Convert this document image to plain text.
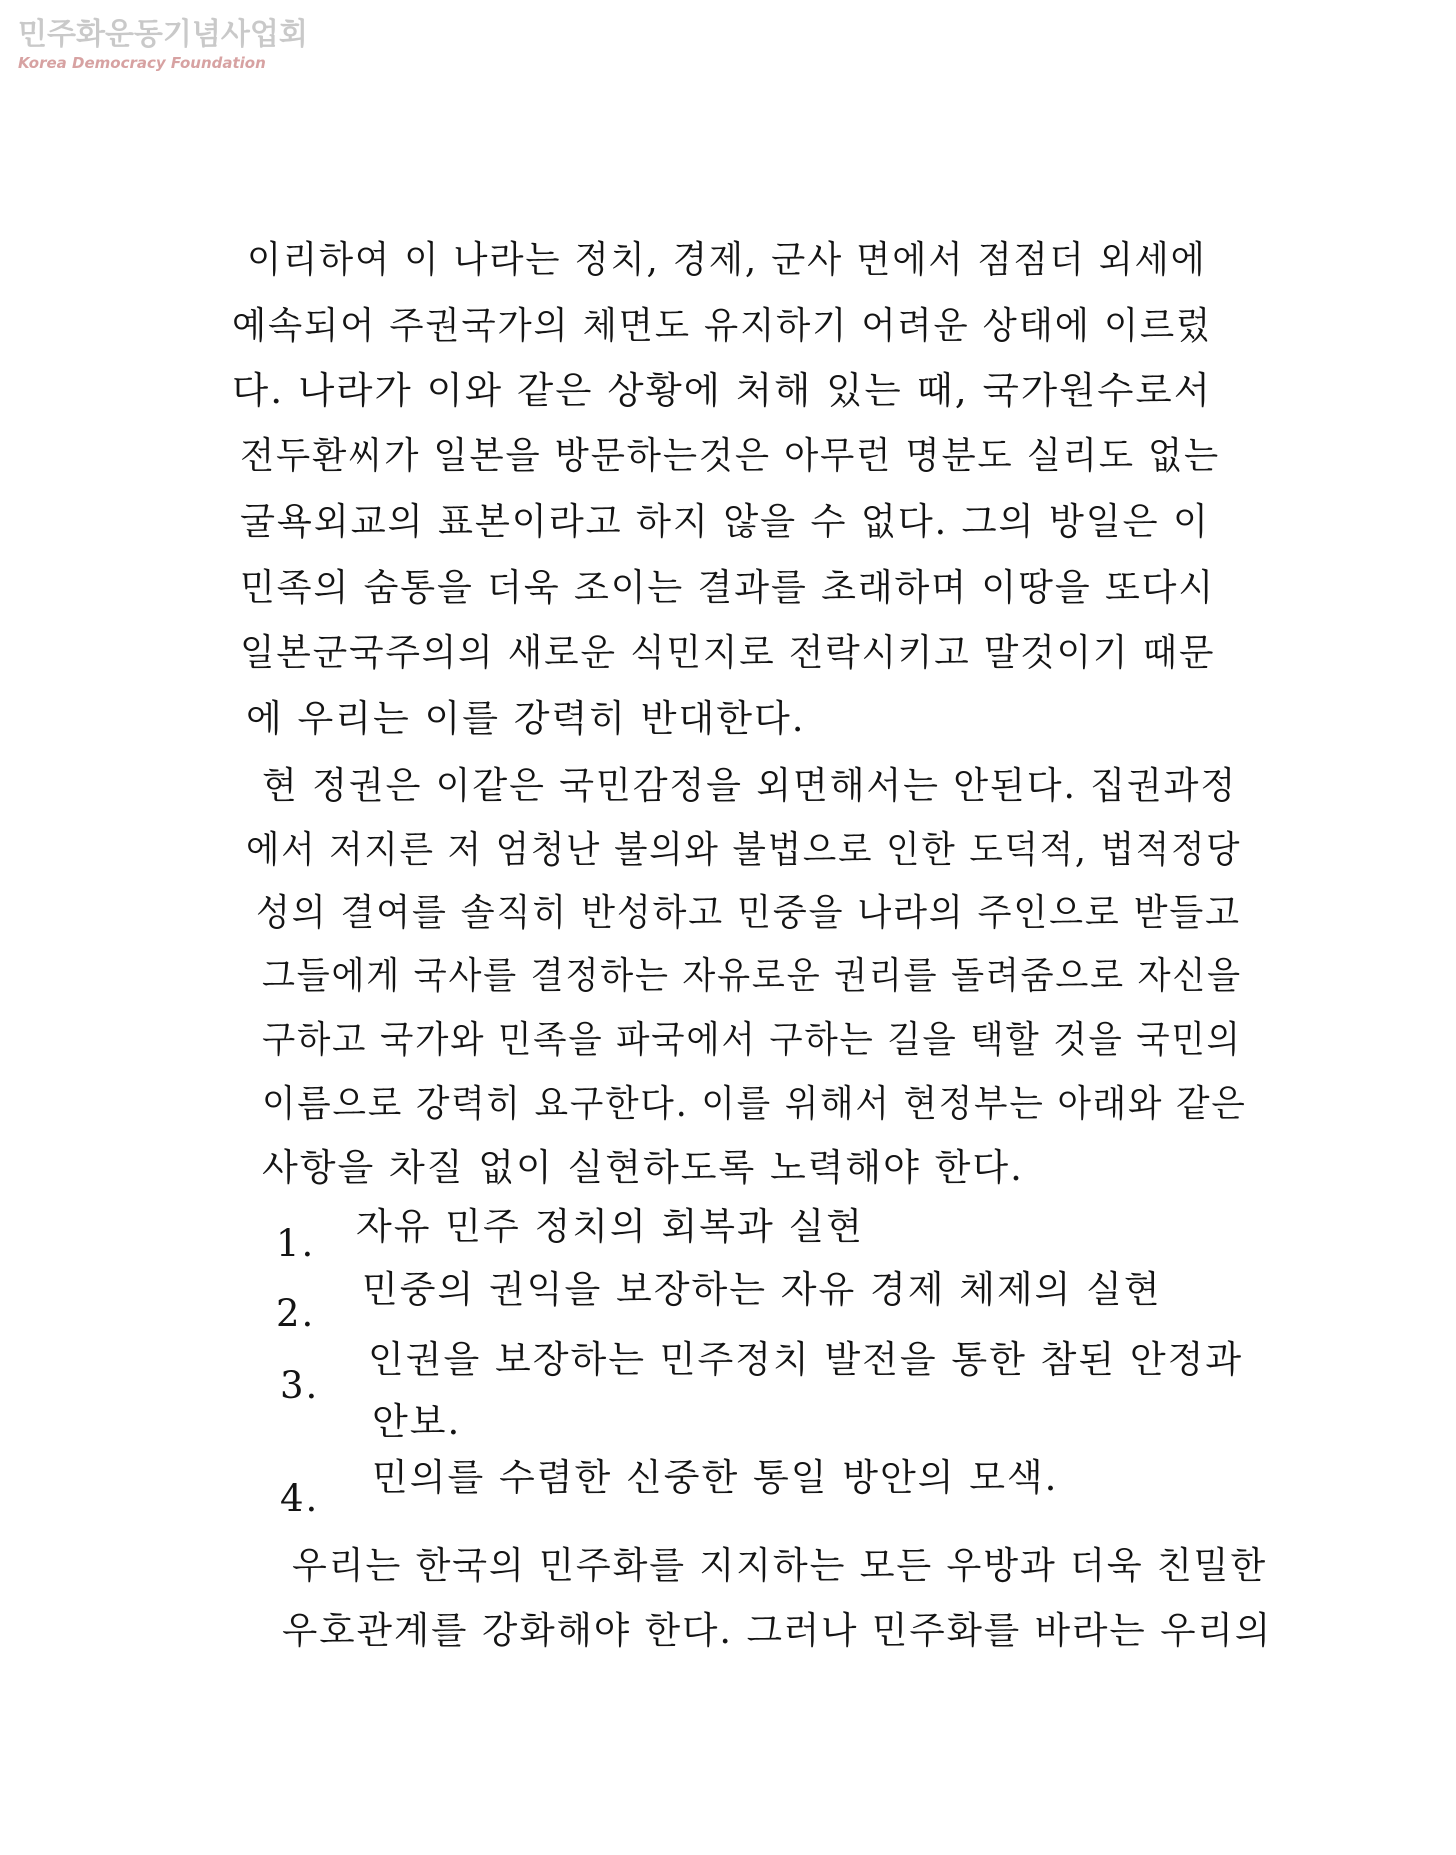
민주화운동기념사업회
Korea Democracy Foundation
이리하여 이 나라는 정치, 경제, 군사 면에서 점점더 외세에
예속되어 주권국가의 체면도 유지하기 어려운 상태에 이르렀
다. 나라가 이와 같은 상황에 처해 있는 때, 국가원수로서
전두환씨가 일본을 방문하는것은 아무런 명분도 실리도 없는
굴욕외교의 표본이라고 하지 않을 수 없다. 그의 방일은 이
민족의 숨통을 더욱 조이는 결과를 초래하며 이땅을 또다시
일본군국주의의 새로운 식민지로 전락시키고 말것이기 때문
에 우리는 이를 강력히 반대한다.
현 정권은 이같은 국민감정을 외면해서는 안된다. 집권과정
에서 저지른 저 엄청난 불의와 불법으로 인한 도덕적, 법적정당
성의 결여를 솔직히 반성하고 민중을 나라의 주인으로 받들고
그들에게 국사를 결정하는 자유로운 권리를 돌려줌으로 자신을
구하고 국가와 민족을 파국에서 구하는 길을 택할 것을 국민의
이름으로 강력히 요구한다. 이를 위해서 현정부는 아래와 같은
사항을 차질 없이 실현하도록 노력해야 한다.
1. 자유 민주 정치의 회복과 실현
2.
민중의 권익을 보장하는 자유 경제 체제의 실현
3.
인권을 보장하는 민주정치 발전을 통한 참된 안정과
안보.
4. 민의를 수렴한 신중한 통일 방안의 모색.
우리는 한국의 민주화를 지지하는 모든 우방과 더욱 친밀한
우호관계를 강화해야 한다. 그러나 민주화를 바라는 우리의
